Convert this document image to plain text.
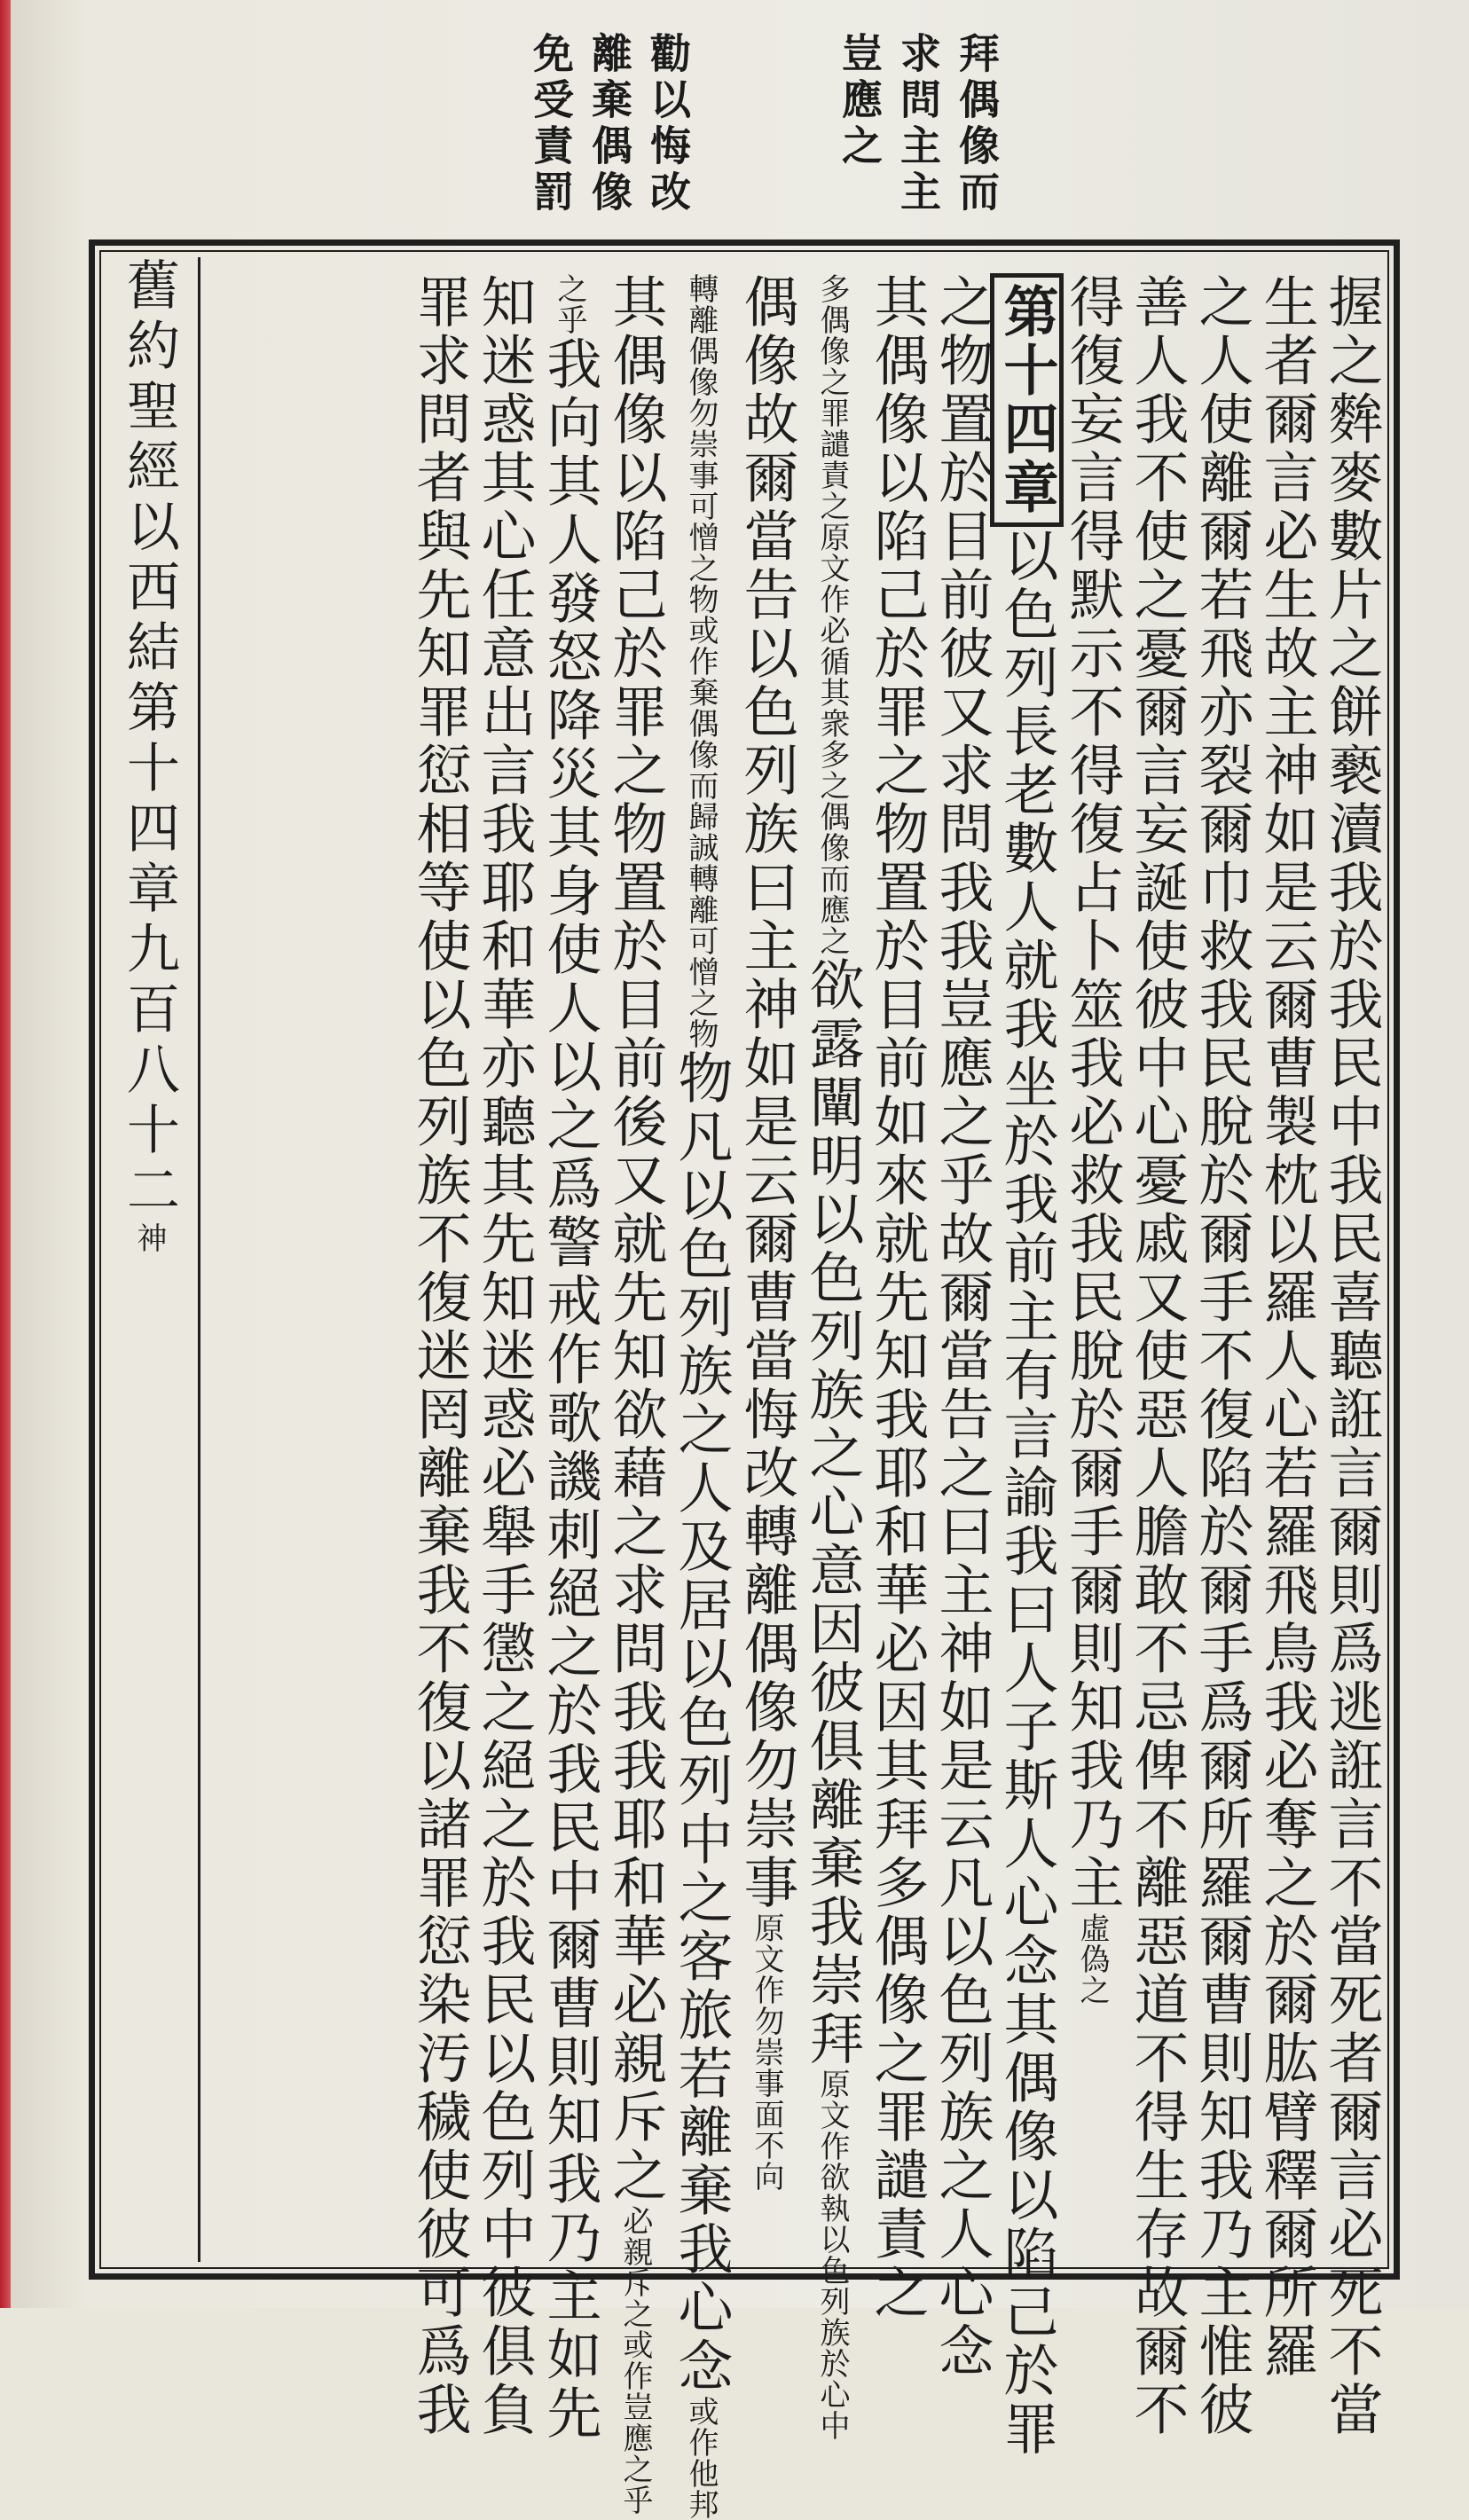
拜偶像而求問主主豈應之
勸以悔改離棄偶像免受責罰
舊約聖經以西結第十四章九百八十二神	握之麰麥數片之餅褻瀆我於我民中我民喜聽誑言爾則爲逃誑言不當死者爾言必死不當
生者爾言必生故主神如是云爾曹製枕以羅人心若羅飛鳥我必奪之於爾肱臂釋爾所羅
之人使離爾若飛亦裂爾巾救我民脫於爾手不復陷於爾手爲爾所羅爾曹則知我乃主惟彼
善人我不使之憂爾言妄誕使彼中心憂戚又使惡人膽敢不忌俾不離惡道不得生存故爾不
得復妄言得默示不得復占卜筮我必救我民脫於爾手爾則知我乃主虛偽之
第十四章以色列長老數人就我坐於我前主有言諭我曰人子斯人心念其偶像以陷己於罪
之物置於目前彼又求問我我豈應之乎故爾當告之曰主神如是云凡以色列族之人心念
其偶像以陷己於罪之物置於目前如來就先知我耶和華必因其拜多偶像之罪譴責之
多偶像之罪譴責之原文作必循其衆多之偶像而應之欲露闡明以色列族之心意因彼俱離棄我崇拜原文作欲執以色列族於心中
偶像故爾當告以色列族曰主神如是云爾曹當悔改轉離偶像勿崇事原文作勿崇事面不向
轉離偶像勿崇事可憎之物或作棄偶像而歸誠轉離可憎之物物凡以色列族之人及居以色列中之客旅若離棄我心念或作他邦
其偶像以陷己於罪之物置於目前後又就先知欲藉之求問我我耶和華必親斥之必親斥之或作豈應之乎
之乎我向其人發怒降災其身使人以之爲警戒作歌譏刺絕之於我民中爾曹則知我乃主如先
知迷惑其心任意出言我耶和華亦聽其先知迷惑必舉手懲之絕之於我民以色列中彼俱負
罪求問者與先知罪愆相等使以色列族不復迷罔離棄我不復以諸罪愆染汚穢使彼可爲我
